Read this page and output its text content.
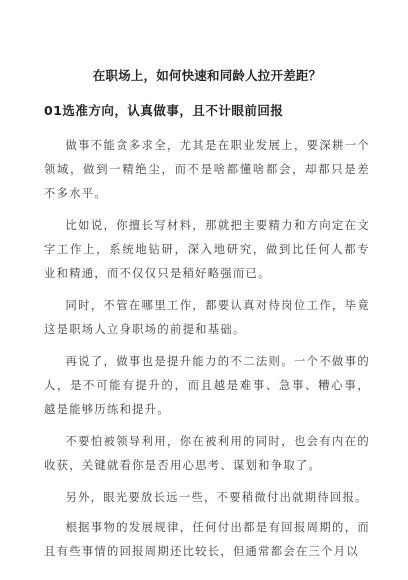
在职场上，如何快速和同龄人拉开差距？
01选准方向，认真做事，且不计眼前回报

做事不能贪多求全，尤其是在职业发展上，要深耕一个领域，做到一精绝尘，而不是啥都懂啥都会，却都只是差不多水平。

比如说，你擅长写材料，那就把主要精力和方向定在文字工作上，系统地钻研，深入地研究，做到比任何人都专业和精通，而不仅仅只是稍好略强而已。

同时，不管在哪里工作，都要认真对待岗位工作，毕竟这是职场人立身职场的前提和基础。

再说了，做事也是提升能力的不二法则。一个不做事的人，是不可能有提升的，而且越是难事、急事、糟心事，越是能够历练和提升。

不要怕被领导利用，你在被利用的同时，也会有内在的收获，关键就看你是否用心思考、谋划和争取了。

另外，眼光要放长远一些，不要稍微付出就期待回报。

根据事物的发展规律，任何付出都是有回报周期的，而且有些事情的回报周期还比较长，但通常都会在三个月以
